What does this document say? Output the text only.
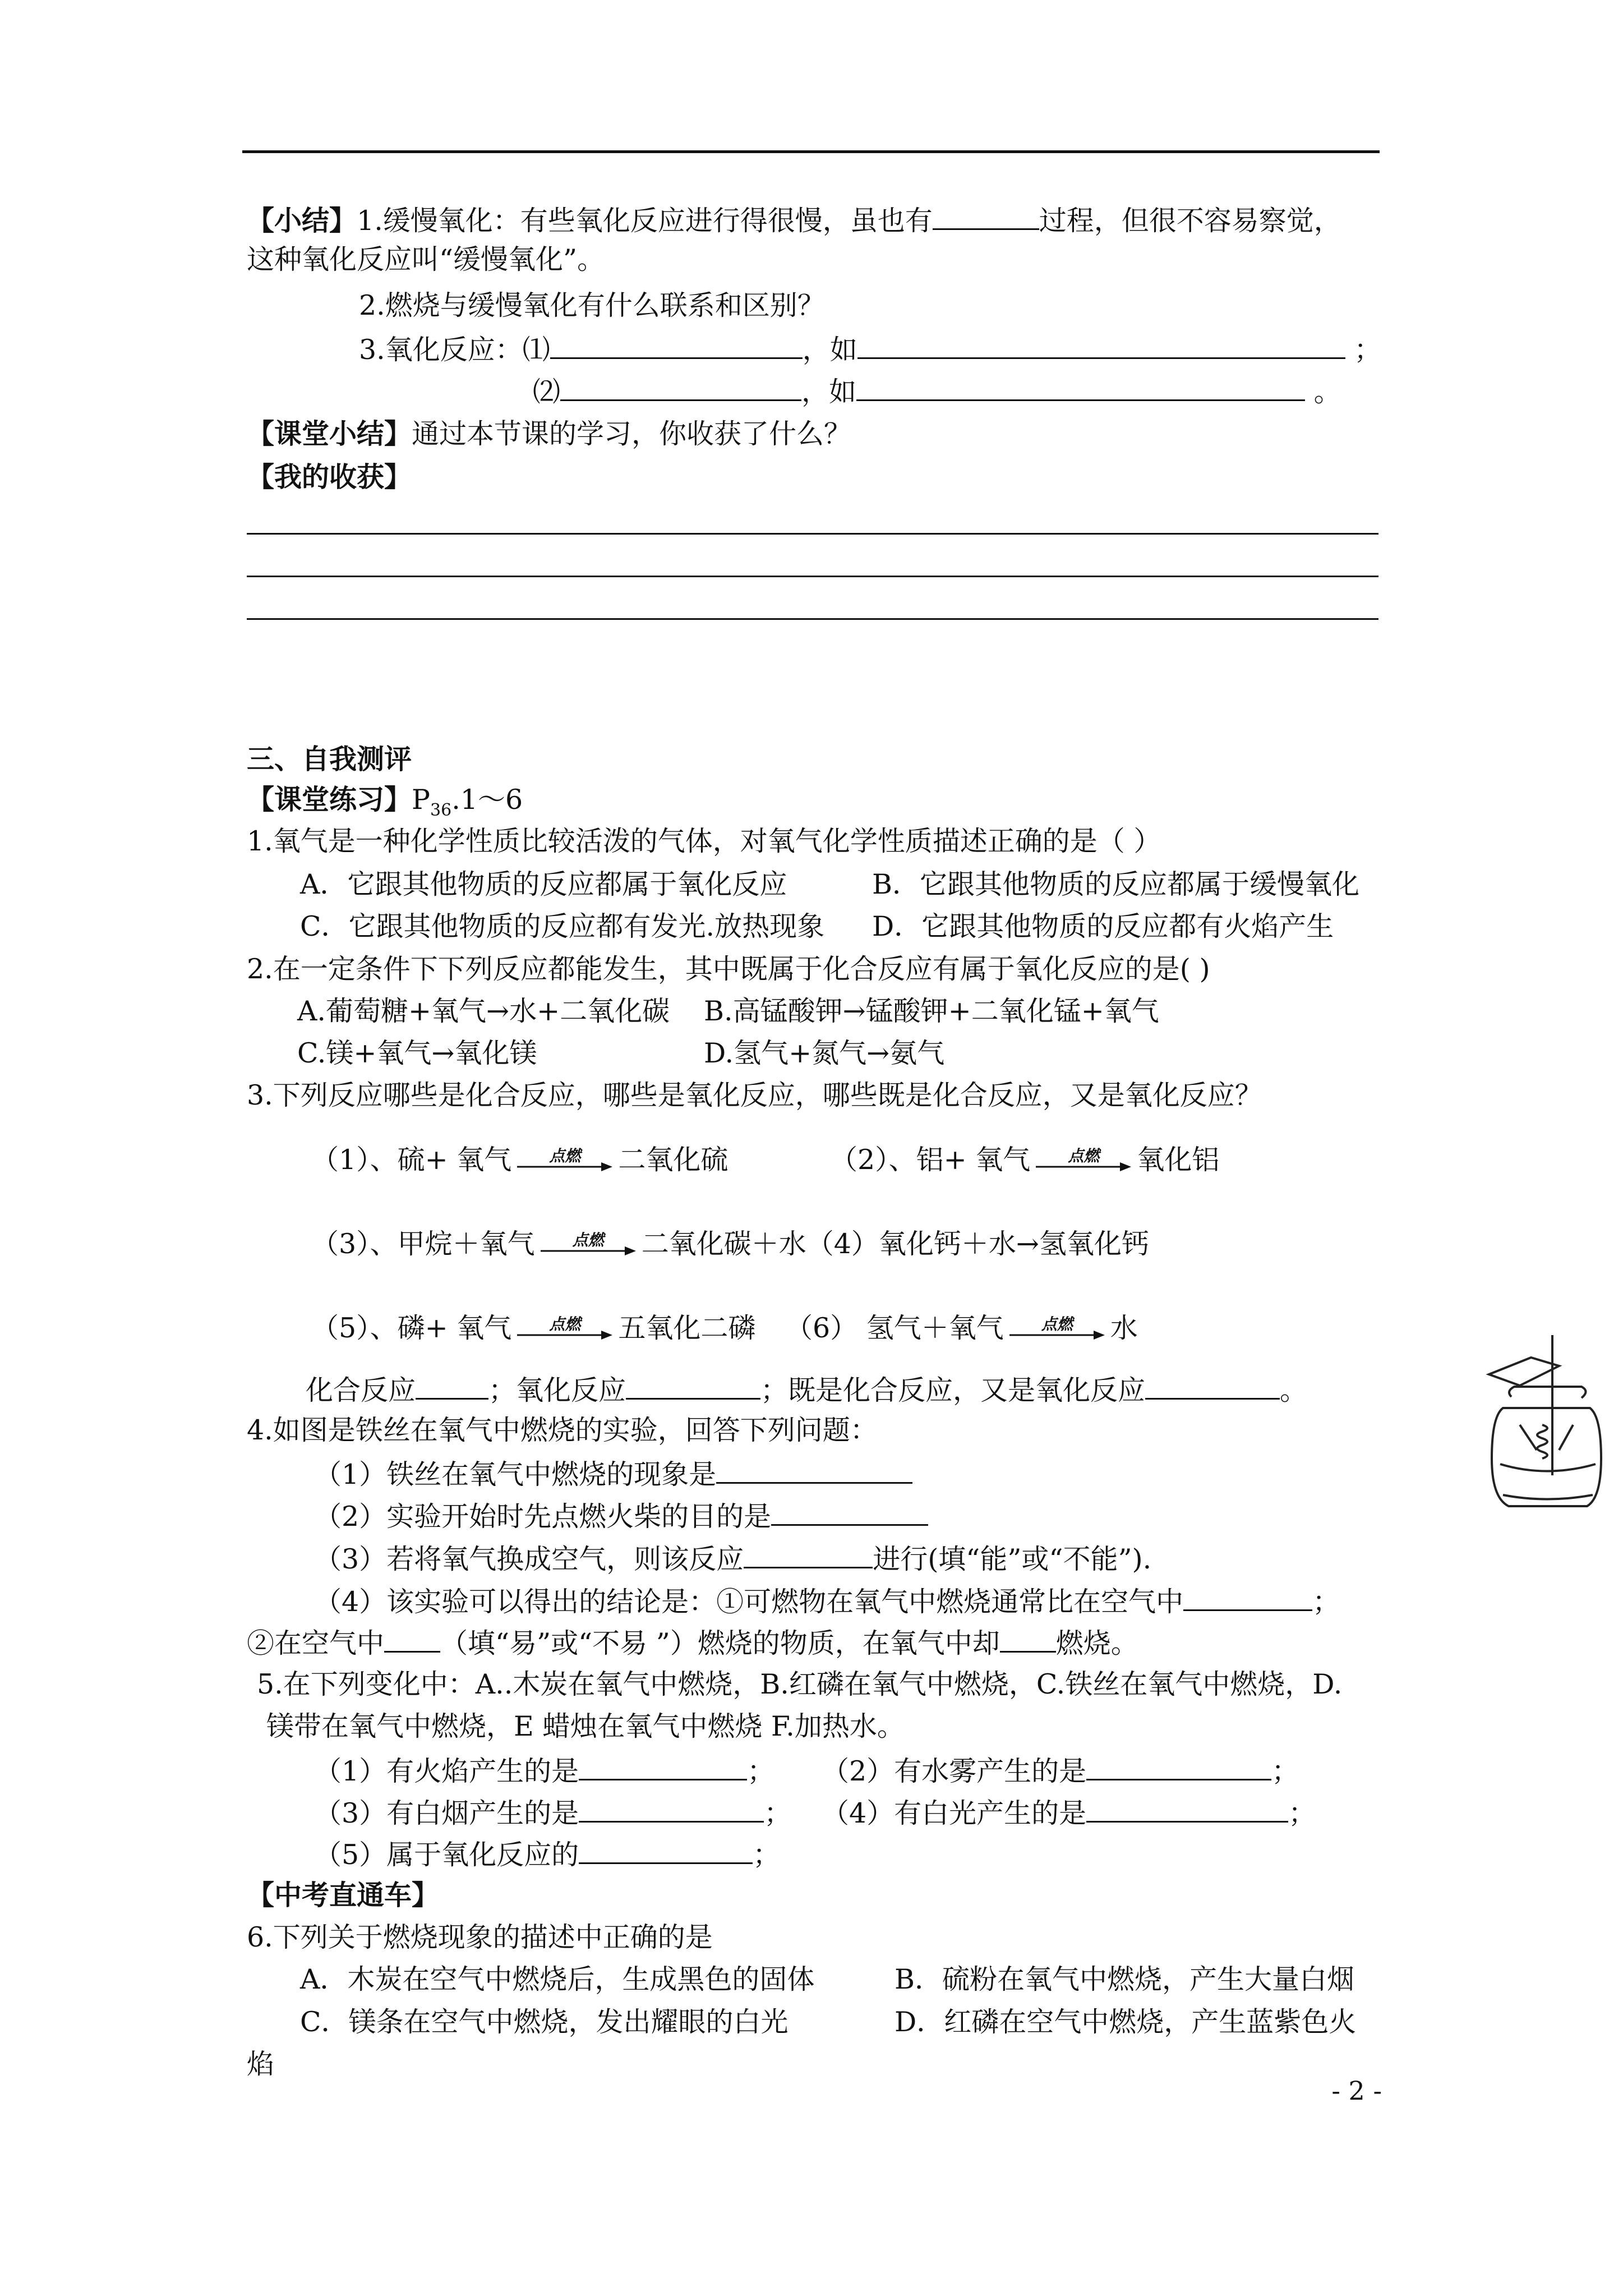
【小结】1.缓慢氧化：有些氧化反应进行得很慢，虽也有	过程，但很不容易察觉，
这种氧化反应叫“缓慢氧化”。
2.燃烧与缓慢氧化有什么联系和区别？
3.氧化反应：⑴	，如	；
⑵	，如	。
【课堂小结】通过本节课的学习，你收获了什么？
【我的收获】
三、自我测评
【课堂练习】$P_{36}.1\sim 6$
1.氧气是一种化学性质比较活泼的气体，对氧气化学性质描述正确的是（ ）
A．它跟其他物质的反应都属于氧化反应	B．它跟其他物质的反应都属于缓慢氧化
C．它跟其他物质的反应都有发光.放热现象 D．它跟其他物质的反应都有火焰产生
2.在一定条件下下列反应都能发生，其中既属于化合反应有属于氧化反应的是( )
A.葡萄糖+氧气→水+二氧化碳 B.高锰酸钾→锰酸钾+二氧化锰+氧气
C.镁+氧气→氧化镁	D.氢气+氮气→氨气
3.下列反应哪些是化合反应，哪些是氧化反应，哪些既是化合反应，又是氧化反应？
（1）、硫+ 氧气	点燃	二氧化硫	（2）、铝+ 氧气	点燃	氧化铝
（3）、甲烷＋氧气	点燃	二氧化碳＋水（4）氧化钙＋水→氢氧化钙
（5）、磷+ 氧气	点燃	五氧化二磷 （6） 氢气＋氧气	点燃	水
化合反应	；氧化反应	；既是化合反应，又是氧化反应	。
4.如图是铁丝在氧气中燃烧的实验，回答下列问题：
（1）铁丝在氧气中燃烧的现象是
（2）实验开始时先点燃火柴的目的是
（3）若将氧气换成空气，则该反应	进行(填“能”或“不能”).
（4）该实验可以得出的结论是：①可燃物在氧气中燃烧通常比在空气中	；
②在空气中 （填“易”或“不易 ”）燃烧的物质，在氧气中却 燃烧。
5.在下列变化中：A..木炭在氧气中燃烧，B.红磷在氧气中燃烧，C.铁丝在氧气中燃烧，D.
镁带在氧气中燃烧，E 蜡烛在氧气中燃烧 F.加热水。
（1）有火焰产生的是	； （2）有水雾产生的是	；
（3）有白烟产生的是	； （4）有白光产生的是	；
（5）属于氧化反应的	；
【中考直通车】
6.下列关于燃烧现象的描述中正确的是
A．木炭在空气中燃烧后，生成黑色的固体	B．硫粉在氧气中燃烧，产生大量白烟
C．镁条在空气中燃烧，发出耀眼的白光	D．红磷在空气中燃烧，产生蓝紫色火
焰
- 2 -
